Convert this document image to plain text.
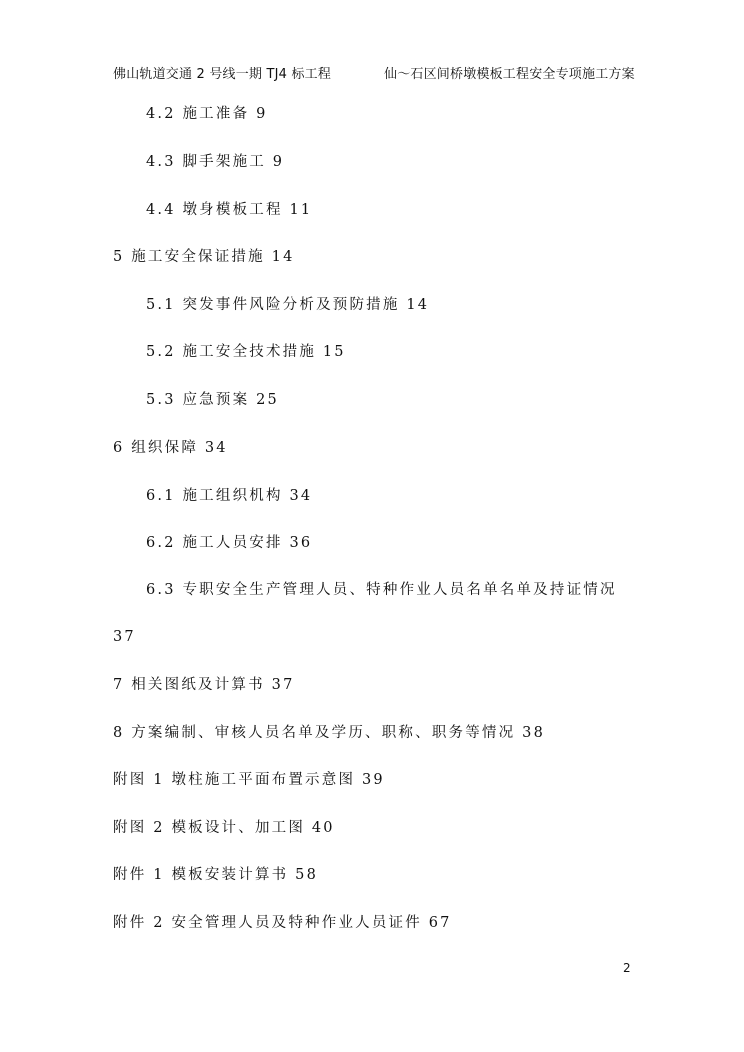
佛山轨道交通 2 号线一期 TJ4 标工程	仙～石区间桥墩模板工程安全专项施工方案
4.2 施工准备 9
4.3 脚手架施工 9
4.4 墩身模板工程 11
5 施工安全保证措施 14
5.1 突发事件风险分析及预防措施 14
5.2 施工安全技术措施 15
5.3 应急预案 25
6 组织保障 34
6.1 施工组织机构 34
6.2 施工人员安排 36
6.3 专职安全生产管理人员、特种作业人员名单名单及持证情况
37
7 相关图纸及计算书 37
8 方案编制、审核人员名单及学历、职称、职务等情况 38
附图 1 墩柱施工平面布置示意图 39
附图 2 模板设计、加工图 40
附件 1 模板安装计算书 58
附件 2 安全管理人员及特种作业人员证件 67
2
